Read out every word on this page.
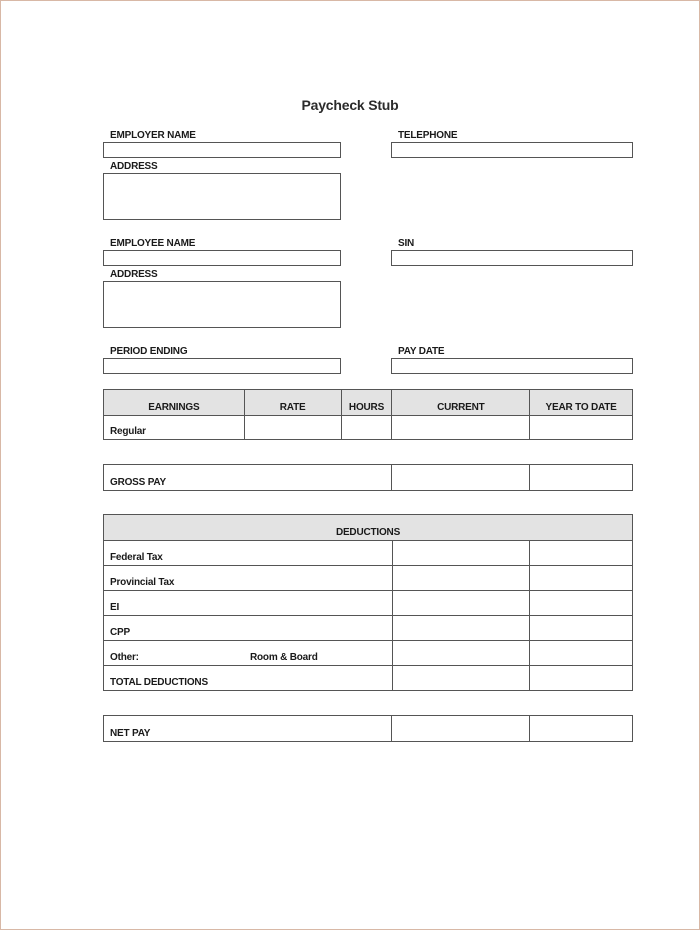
Paycheck Stub
EMPLOYER NAME	TELEPHONE
ADDRESS
EMPLOYEE NAME	SIN
ADDRESS
PERIOD ENDING	PAY DATE
EARNINGS	RATE	HOURS	CURRENT	YEAR TO DATE
Regular				
GROSS PAY		
DEDUCTIONS		
Federal Tax		
Provincial Tax		
EI		
CPP		
Other: Room & Board		

TOTAL DEDUCTIONS		
NET PAY		
